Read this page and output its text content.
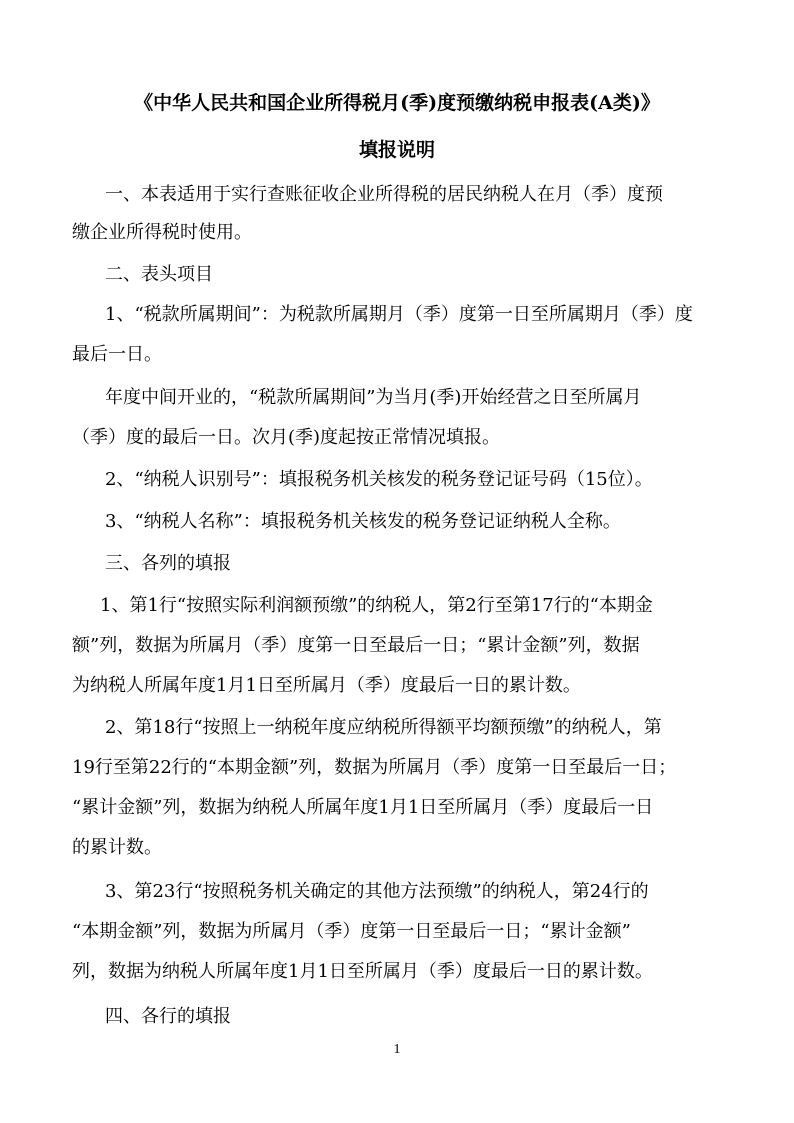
《中华人民共和国企业所得税月(季)度预缴纳税申报表(A类)》
填报说明
一、本表适用于实行查账征收企业所得税的居民纳税人在月（季）度预
缴企业所得税时使用。
二、表头项目
1、“税款所属期间”：为税款所属期月（季）度第一日至所属期月（季）度
最后一日。
年度中间开业的，“税款所属期间”为当月(季)开始经营之日至所属月
（季）度的最后一日。次月(季)度起按正常情况填报。
2、“纳税人识别号”：填报税务机关核发的税务登记证号码（15位）。
3、“纳税人名称”：填报税务机关核发的税务登记证纳税人全称。
三、各列的填报
1、第1行“按照实际利润额预缴”的纳税人，第2行至第17行的“本期金
额”列，数据为所属月（季）度第一日至最后一日；“累计金额”列，数据
为纳税人所属年度1月1日至所属月（季）度最后一日的累计数。
2、第18行“按照上一纳税年度应纳税所得额平均额预缴”的纳税人，第
19行至第22行的“本期金额”列，数据为所属月（季）度第一日至最后一日；
“累计金额”列，数据为纳税人所属年度1月1日至所属月（季）度最后一日
的累计数。
3、第23行“按照税务机关确定的其他方法预缴”的纳税人，第24行的
“本期金额”列，数据为所属月（季）度第一日至最后一日；“累计金额”
列，数据为纳税人所属年度1月1日至所属月（季）度最后一日的累计数。
四、各行的填报
1
